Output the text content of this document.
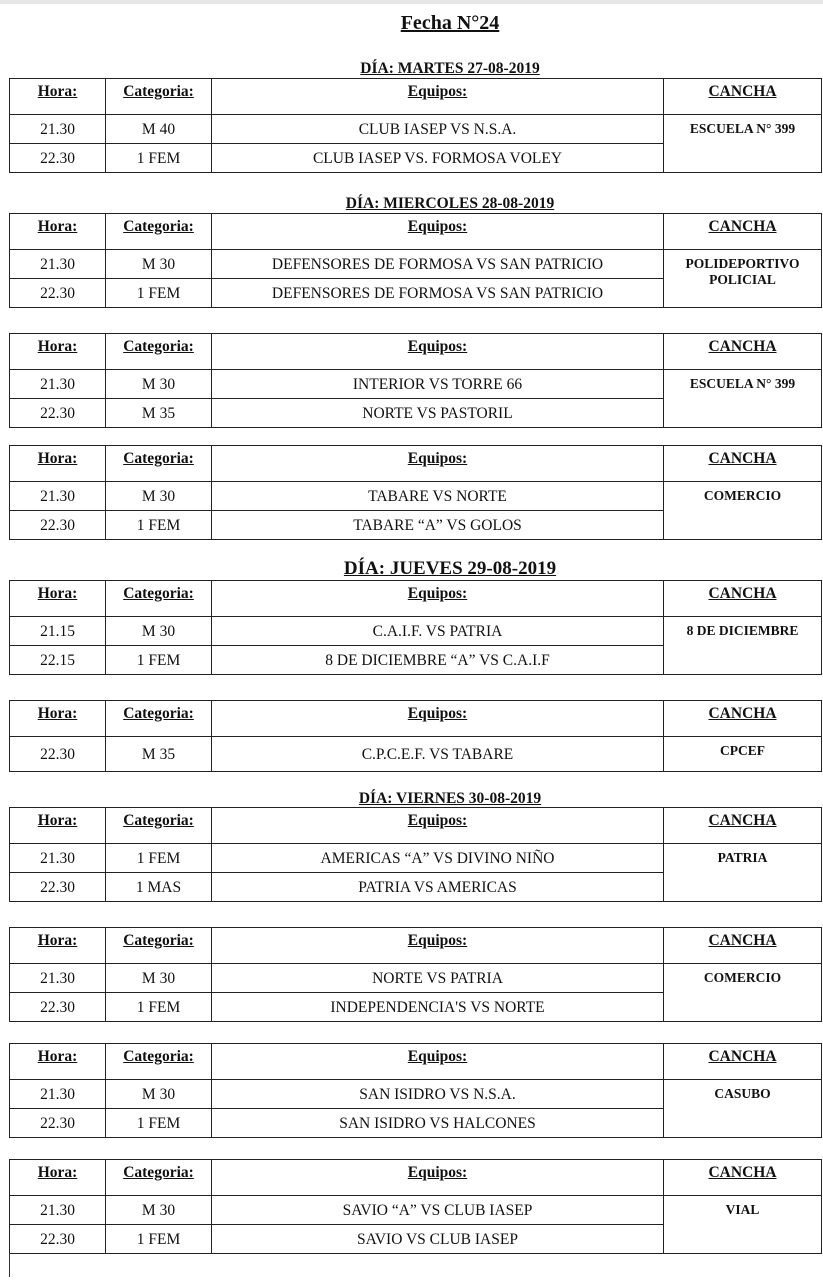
Fecha N°24
DÍA: MARTES 27-08-2019
DÍA: MIERCOLES 28-08-2019
DÍA: JUEVES 29-08-2019
DÍA: VIERNES 30-08-2019
Hora:	Categoria:	Equipos:	CANCHA
21.30	M 40	CLUB IASEP VS N.S.A.	ESCUELA N° 399
22.30	1 FEM	CLUB IASEP VS. FORMOSA VOLEY	
Hora:	Categoria:	Equipos:	CANCHA
21.30	M 30	DEFENSORES DE FORMOSA VS SAN PATRICIO	POLIDEPORTIVO POLICIAL
22.30	1 FEM	DEFENSORES DE FORMOSA VS SAN PATRICIO	
Hora:	Categoria:	Equipos:	CANCHA
21.30	M 30	INTERIOR VS TORRE 66	ESCUELA N° 399
22.30	M 35	NORTE VS PASTORIL	
Hora:	Categoria:	Equipos:	CANCHA
21.30	M 30	TABARE VS NORTE	COMERCIO
22.30	1 FEM	TABARE “A” VS GOLOS	
Hora:	Categoria:	Equipos:	CANCHA
21.15	M 30	C.A.I.F. VS PATRIA	8 DE DICIEMBRE
22.15	1 FEM	8 DE DICIEMBRE “A” VS C.A.I.F	
Hora:	Categoria:	Equipos:	CANCHA
22.30	M 35	C.P.C.E.F. VS TABARE	CPCEF
Hora:	Categoria:	Equipos:	CANCHA
21.30	1 FEM	AMERICAS “A” VS DIVINO NIÑO	PATRIA
22.30	1 MAS	PATRIA VS AMERICAS	
Hora:	Categoria:	Equipos:	CANCHA
21.30	M 30	NORTE VS PATRIA	COMERCIO
22.30	1 FEM	INDEPENDENCIA'S VS NORTE	
Hora:	Categoria:	Equipos:	CANCHA
21.30	M 30	SAN ISIDRO VS N.S.A.	CASUBO
22.30	1 FEM	SAN ISIDRO VS HALCONES	
Hora:	Categoria:	Equipos:	CANCHA
21.30	M 30	SAVIO “A” VS CLUB IASEP	VIAL
22.30	1 FEM	SAVIO VS CLUB IASEP	
